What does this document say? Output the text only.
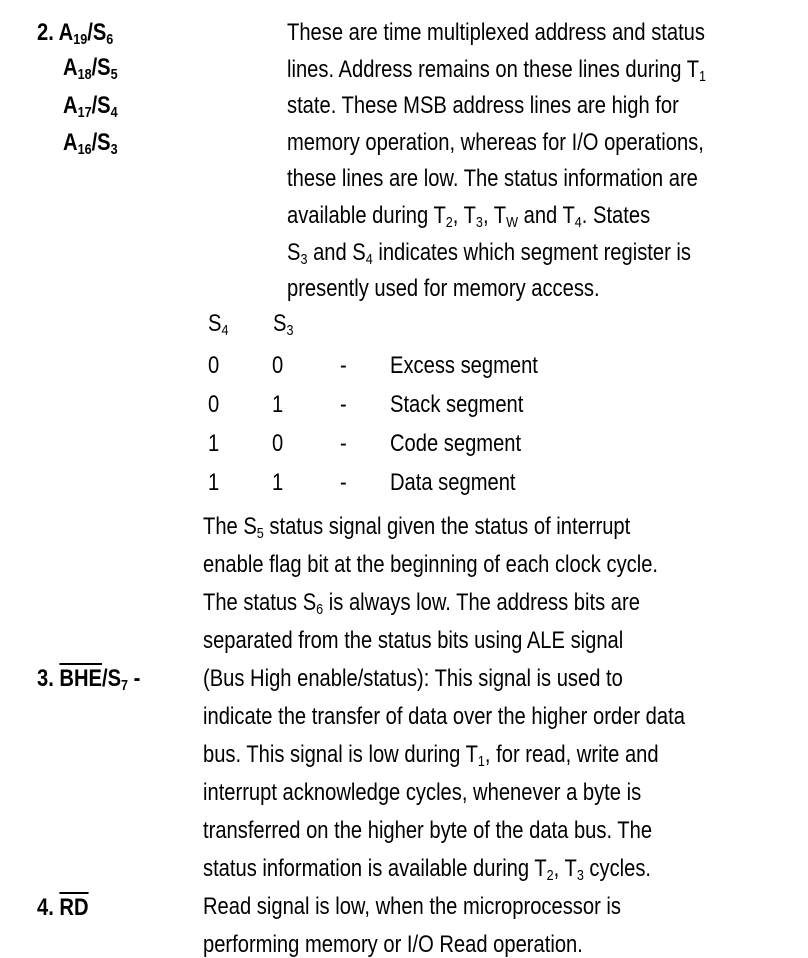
2. $A_{19}/S_6$
$A_{18}/S_5$
$A_{17}/S_4$
$A_{16}/S_3$
These are time multiplexed address and status
lines. Address remains on these lines during $T_1$
state. These MSB address lines are high for
memory operation, whereas for I/O operations,
these lines are low. The status information are
available during $T_2$, $T_3$, $T_W$ and $T_4$. States
$S_3$ and $S_4$ indicates which segment register is
presently used for memory access.
$S_4$ $S_3$
0 0 - Excess segment
0 1 - Stack segment
1 0 - Code segment
1 1 - Data segment
The $S_5$ status signal given the status of interrupt
enable flag bit at the beginning of each clock cycle.
The status $S_6$ is always low. The address bits are
separated from the status bits using ALE signal
(Bus High enable/status): This signal is used to
indicate the transfer of data over the higher order data
bus. This signal is low during $T_1$, for read, write and
interrupt acknowledge cycles, whenever a byte is
transferred on the higher byte of the data bus. The
status information is available during $T_2$, $T_3$ cycles.
Read signal is low, when the microprocessor is
performing memory or I/O Read operation.
3. $\overline{BHE}/S_7$ -
4. $\overline{RD}$
